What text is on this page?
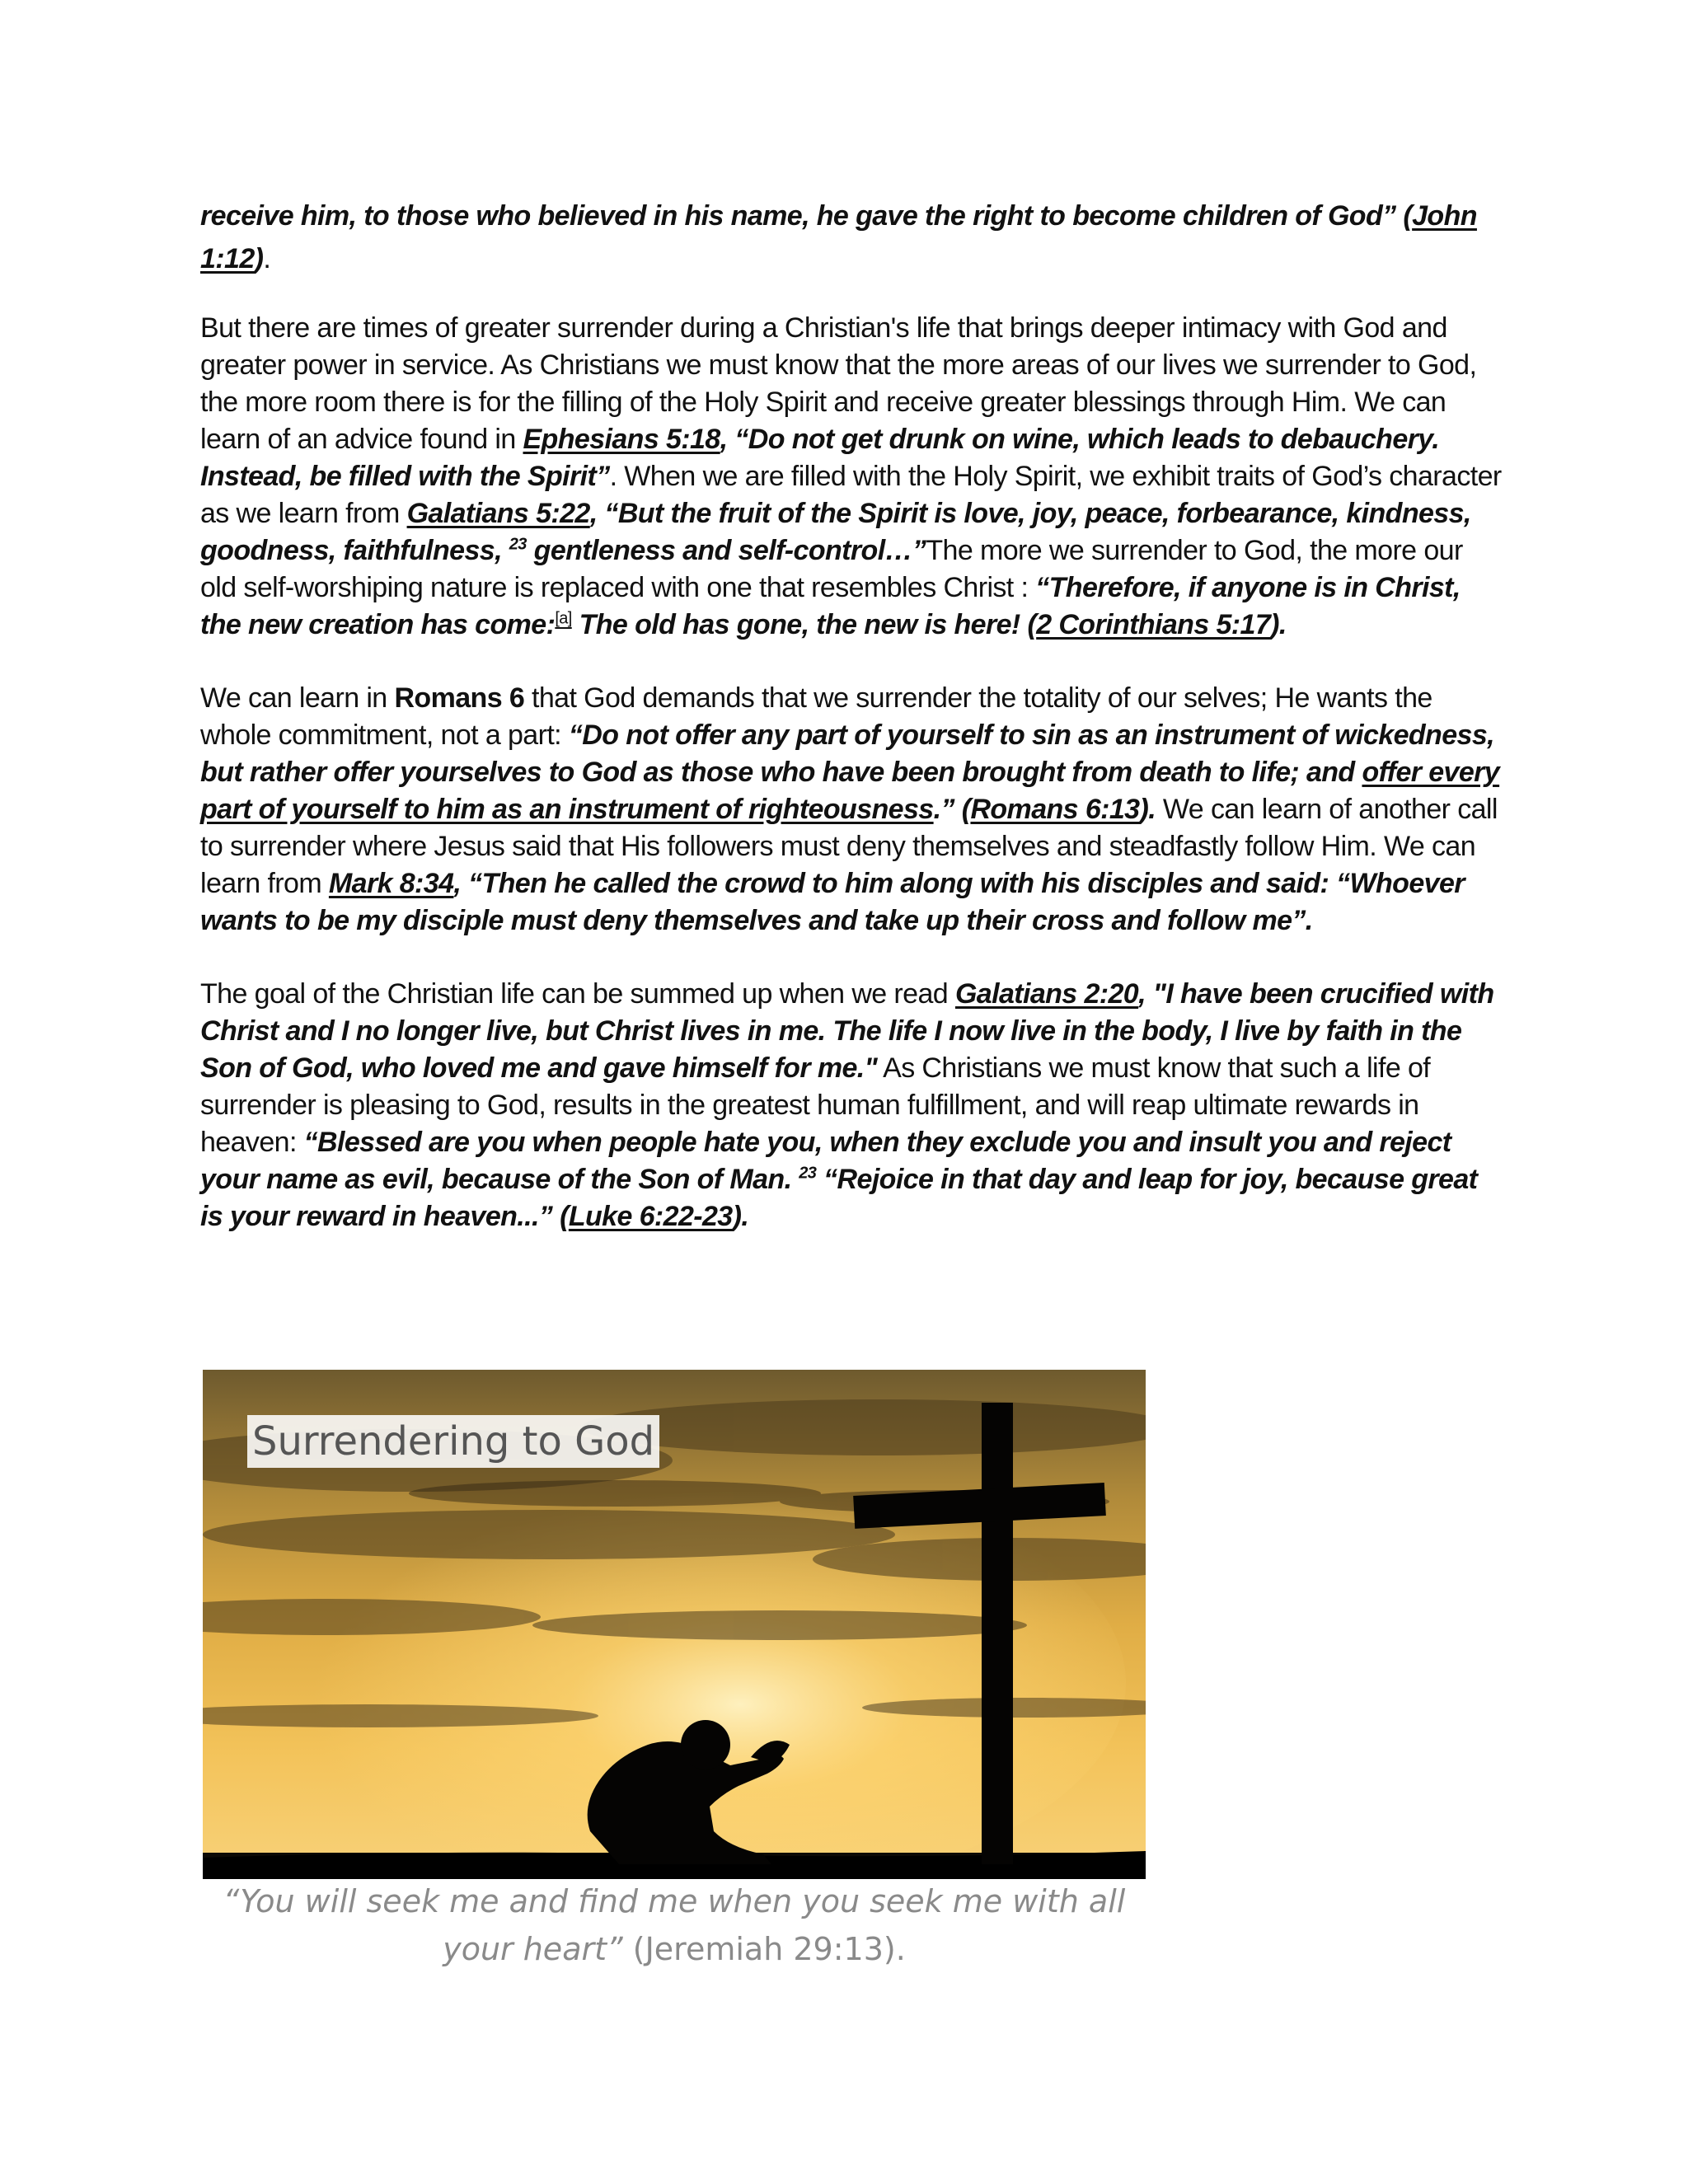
receive him, to those who believed in his name, he gave the right to become children of God” (John 1:12).

But there are times of greater surrender during a Christian's life that brings deeper intimacy with God and greater power in service. As Christians we must know that the more areas of our lives we surrender to God, the more room there is for the filling of the Holy Spirit and receive greater blessings through Him. We can learn of an advice found in Ephesians 5:18, “Do not get drunk on wine, which leads to debauchery. Instead, be filled with the Spirit”. When we are filled with the Holy Spirit, we exhibit traits of God’s character as we learn from Galatians 5:22, “But the fruit of the Spirit is love, joy, peace, forbearance, kindness, goodness, faithfulness, $^{23}$ gentleness and self-control…”The more we surrender to God, the more our old self-worshiping nature is replaced with one that resembles Christ : “Therefore, if anyone is in Christ, the new creation has come:[a] The old has gone, the new is here! (2 Corinthians 5:17).

We can learn in Romans 6 that God demands that we surrender the totality of our selves; He wants the whole commitment, not a part: “Do not offer any part of yourself to sin as an instrument of wickedness, but rather offer yourselves to God as those who have been brought from death to life; and offer every part of yourself to him as an instrument of righteousness.” (Romans 6:13). We can learn of another call to surrender where Jesus said that His followers must deny themselves and steadfastly follow Him. We can learn from Mark 8:34, “Then he called the crowd to him along with his disciples and said: “Whoever wants to be my disciple must deny themselves and take up their cross and follow me”.

The goal of the Christian life can be summed up when we read Galatians 2:20, "I have been crucified with Christ and I no longer live, but Christ lives in me. The life I now live in the body, I live by faith in the Son of God, who loved me and gave himself for me." As Christians we must know that such a life of surrender is pleasing to God, results in the greatest human fulfillment, and will reap ultimate rewards in heaven: “Blessed are you when people hate you, when they exclude you and insult you and reject your name as evil, because of the Son of Man. $^{23}$ “Rejoice in that day and leap for joy, because great is your reward in heaven...” (Luke 6:22-23).

Surrendering to God
“You will seek me and find me when you seek me with all your heart” (Jeremiah 29:13).
